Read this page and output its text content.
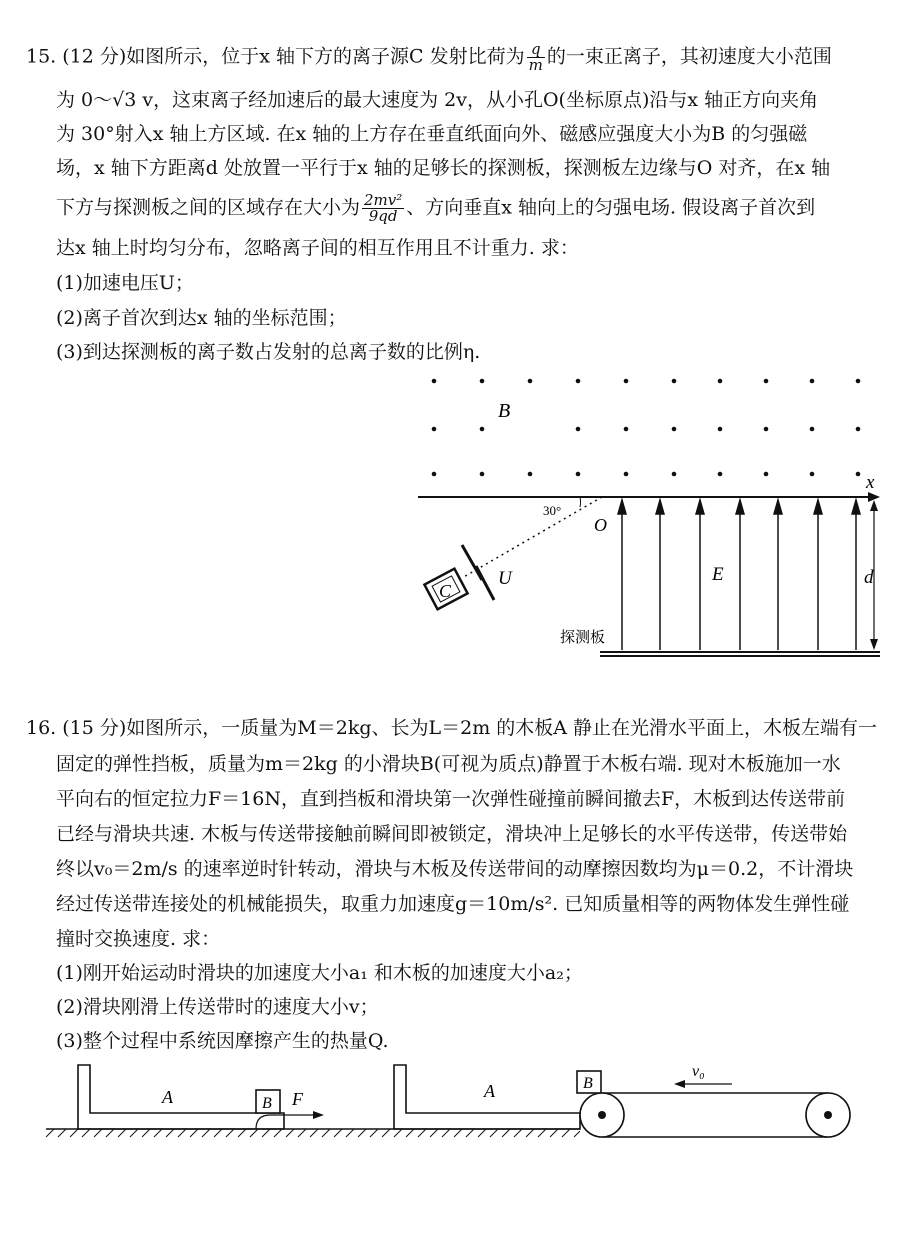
15. (12 分)如图所示，位于x 轴下方的离子源C 发射比荷为 $\frac{q}{m}$ 的一束正离子，其初速度大小范围
为 0～√3 v，这束离子经加速后的最大速度为 2v，从小孔O(坐标原点)沿与x 轴正方向夹角
为 30°射入x 轴上方区域. 在x 轴的上方存在垂直纸面向外、磁感应强度大小为B 的匀强磁
场，x 轴下方距离d 处放置一平行于x 轴的足够长的探测板，探测板左边缘与O 对齐，在x 轴
下方与探测板之间的区域存在大小为 $\frac{\text{2mv²}}{9qd}$ 、方向垂直x 轴向上的匀强电场. 假设离子首次到
达x 轴上时均匀分布，忽略离子间的相互作用且不计重力. 求：
(1)加速电压U；
(2)离子首次到达x 轴的坐标范围；
(3)到达探测板的离子数占发射的总离子数的比例η.
B
x
30°
O
U
C
E	d
探测板
16. (15 分)如图所示，一质量为M＝2kg、长为L＝2m 的木板A 静止在光滑水平面上，木板左端有一
固定的弹性挡板，质量为m＝2kg 的小滑块B(可视为质点)静置于木板右端. 现对木板施加一水
平向右的恒定拉力F＝16N，直到挡板和滑块第一次弹性碰撞前瞬间撤去F，木板到达传送带前
已经与滑块共速. 木板与传送带接触前瞬间即被锁定，滑块冲上足够长的水平传送带，传送带始
终以v₀＝2m/s 的速率逆时针转动，滑块与木板及传送带间的动摩擦因数均为μ＝0.2，不计滑块
经过传送带连接处的机械能损失，取重力加速度g＝10m/s². 已知质量相等的两物体发生弹性碰
撞时交换速度. 求：
(1)刚开始运动时滑块的加速度大小a₁ 和木板的加速度大小a₂；
(2)滑块刚滑上传送带时的速度大小v；
(3)整个过程中系统因摩擦产生的热量Q.
A	B F	A	B
v₀
